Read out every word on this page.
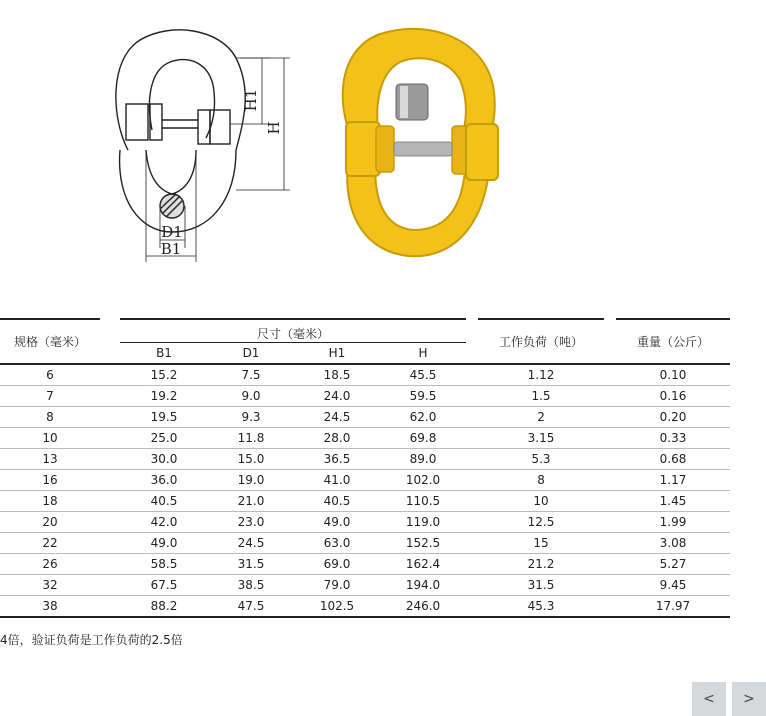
H1
H
D1
B1
规格（毫米）		尺寸（毫米）					工作负荷（吨）		重量（公斤）
		B1	D1	H1	H				
6		15.2	7.5	18.5	45.5		1.12		0.10
7		19.2	9.0	24.0	59.5		1.5		0.16
8		19.5	9.3	24.5	62.0		2		0.20
10		25.0	11.8	28.0	69.8		3.15		0.33
13		30.0	15.0	36.5	89.0		5.3		0.68
16		36.0	19.0	41.0	102.0		8		1.17
18		40.5	21.0	40.5	110.5		10		1.45
20		42.0	23.0	49.0	119.0		12.5		1.99
22		49.0	24.5	63.0	152.5		15		3.08
26		58.5	31.5	69.0	162.4		21.2		5.27
32		67.5	38.5	79.0	194.0		31.5		9.45
38		88.2	47.5	102.5	246.0		45.3		17.97
4倍，验证负荷是工作负荷的2.5倍
<	>
